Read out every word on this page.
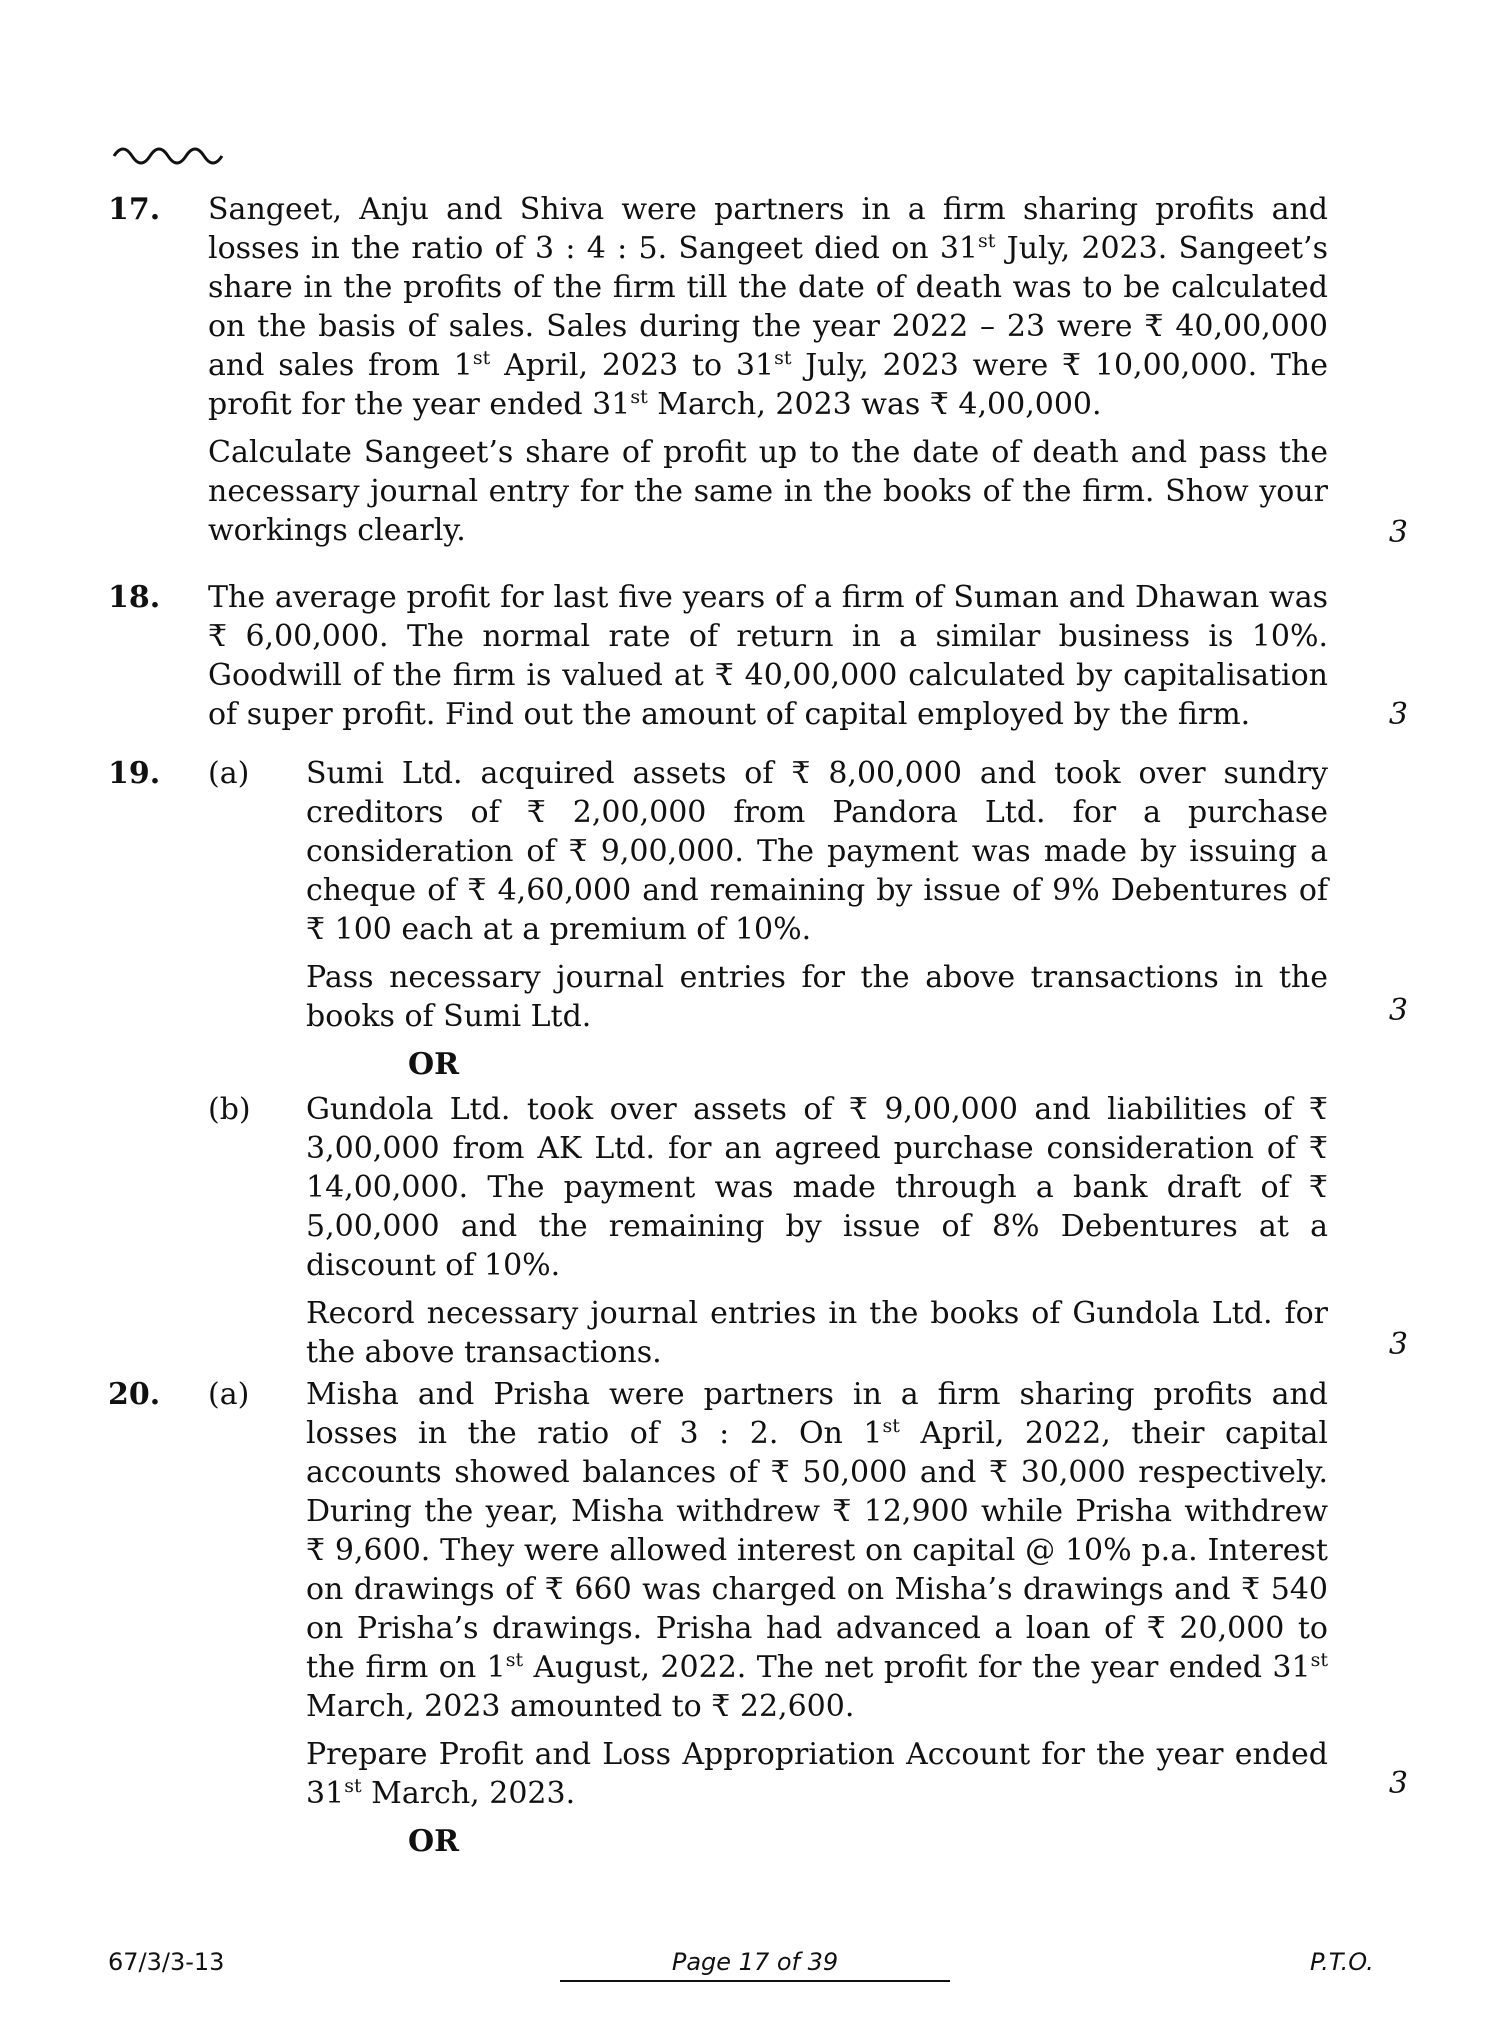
17. Sangeet, Anju and Shiva were partners in a firm sharing profits and losses in the ratio of 3 : 4 : 5. Sangeet died on 31st July, 2023. Sangeet’s share in the profits of the firm till the date of death was to be calculated on the basis of sales. Sales during the year 2022 – 23 were ₹ 40,00,000 and sales from 1st April, 2023 to 31st July, 2023 were ₹ 10,00,000. The profit for the year ended 31st March, 2023 was ₹ 4,00,000.

Calculate Sangeet’s share of profit up to the date of death and pass the necessary journal entry for the same in the books of the firm. Show your workings clearly.	3
18. The average profit for last five years of a firm of Suman and Dhawan was ₹ 6,00,000. The normal rate of return in a similar business is 10%. Goodwill of the firm is valued at ₹ 40,00,000 calculated by capitalisation of super profit. Find out the amount of capital employed by the firm.	3
19. (a) Sumi Ltd. acquired assets of ₹ 8,00,000 and took over sundry creditors of ₹ 2,00,000 from Pandora Ltd. for a purchase consideration of ₹ 9,00,000. The payment was made by issuing a cheque of ₹ 4,60,000 and remaining by issue of 9% Debentures of ₹ 100 each at a premium of 10%.

Pass necessary journal entries for the above transactions in the books of Sumi Ltd.	3
OR
(b) Gundola Ltd. took over assets of ₹ 9,00,000 and liabilities of ₹ 3,00,000 from AK Ltd. for an agreed purchase consideration of ₹ 14,00,000. The payment was made through a bank draft of ₹ 5,00,000 and the remaining by issue of 8% Debentures at a discount of 10%.

Record necessary journal entries in the books of Gundola Ltd. for the above transactions.	3
20. (a) Misha and Prisha were partners in a firm sharing profits and losses in the ratio of 3 : 2. On 1st April, 2022, their capital accounts showed balances of ₹ 50,000 and ₹ 30,000 respectively. During the year, Misha withdrew ₹ 12,900 while Prisha withdrew ₹ 9,600. They were allowed interest on capital @ 10% p.a. Interest on drawings of ₹ 660 was charged on Misha’s drawings and ₹ 540 on Prisha’s drawings. Prisha had advanced a loan of ₹ 20,000 to the firm on 1st August, 2022. The net profit for the year ended 31st March, 2023 amounted to ₹ 22,600.

Prepare Profit and Loss Appropriation Account for the year ended 31st March, 2023.	3
OR
67/3/3-13	Page 17 of 39	P.T.O.
